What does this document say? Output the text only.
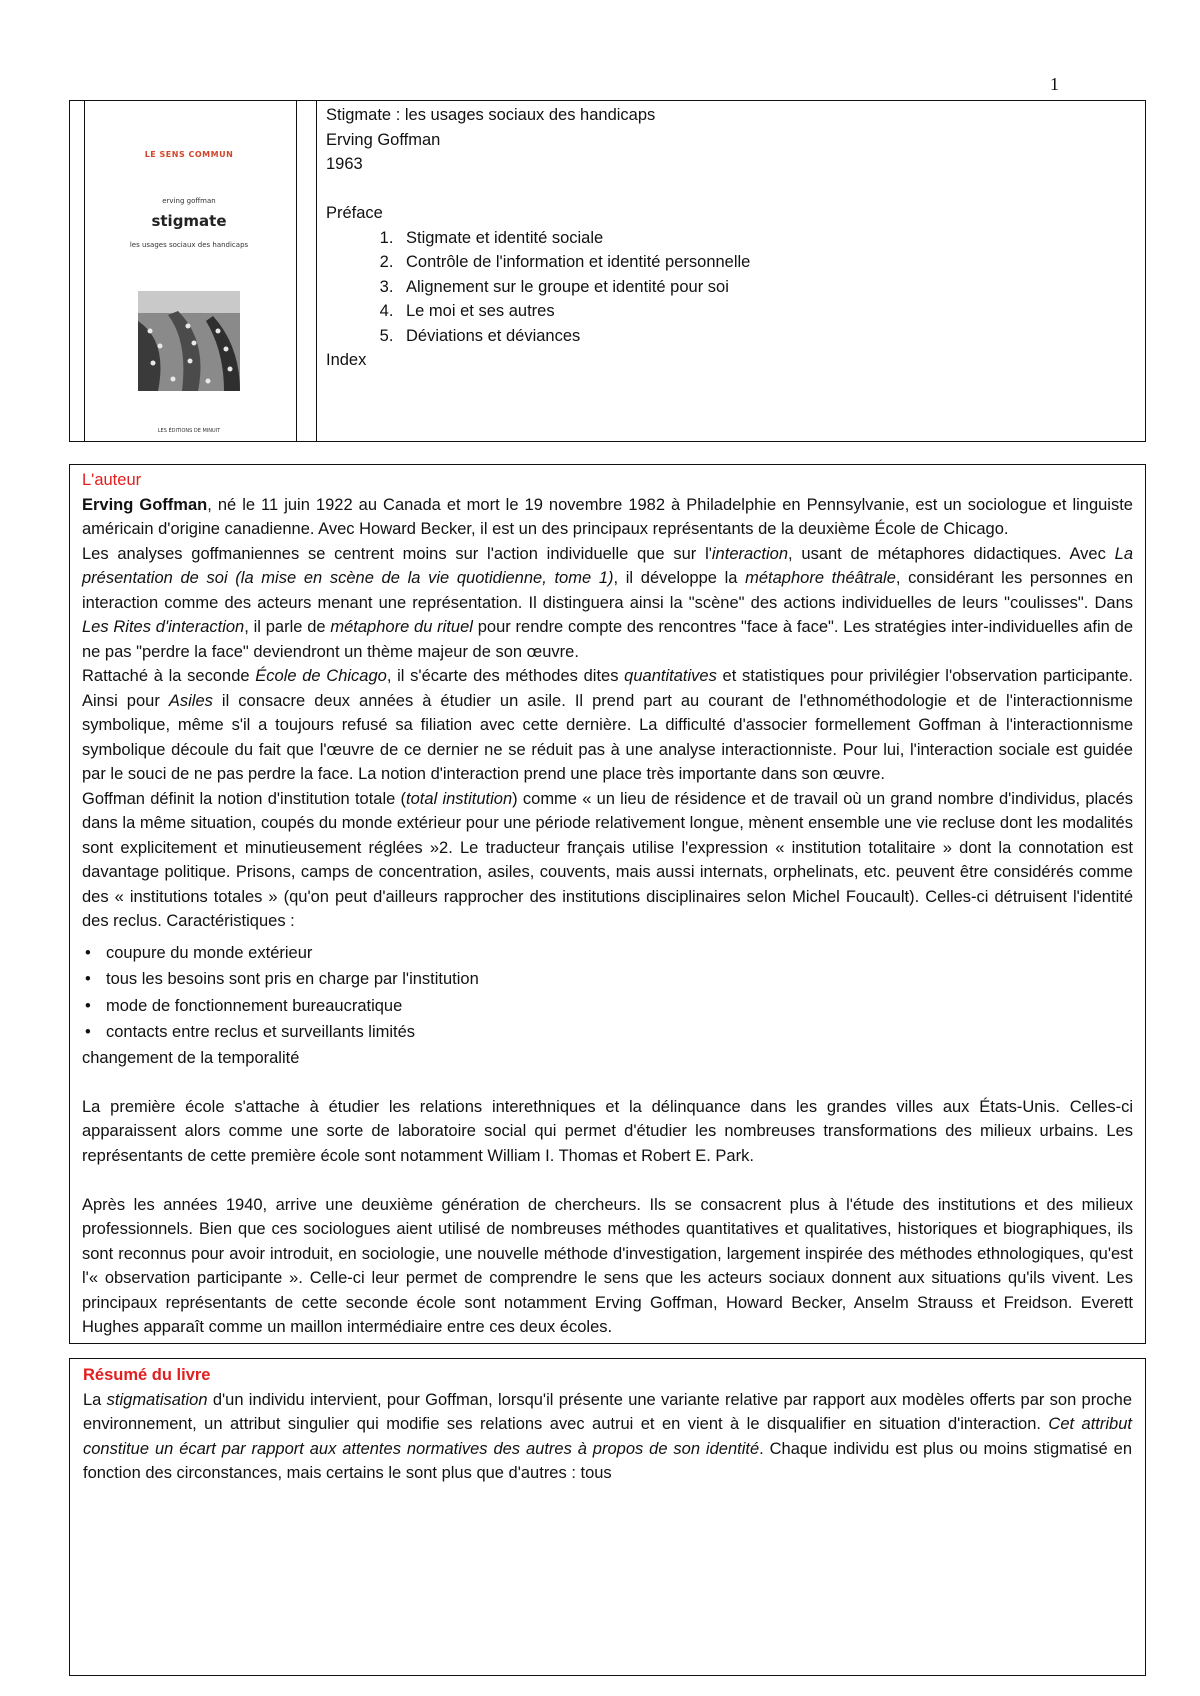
1
LE SENS COMMUN
erving goffman
stigmate
les usages sociaux des handicaps
LES ÉDITIONS DE MINUIT
Stigmate : les usages sociaux des handicaps
Erving Goffman
1963
Préface
1. Stigmate et identité sociale
2. Contrôle de l'information et identité personnelle
3. Alignement sur le groupe et identité pour soi
4. Le moi et ses autres
5. Déviations et déviances
Index
L'auteur

Erving Goffman, né le 11 juin 1922 au Canada et mort le 19 novembre 1982 à Philadelphie en Pennsylvanie, est un sociologue et linguiste américain d'origine canadienne. Avec Howard Becker, il est un des principaux représentants de la deuxième École de Chicago.

Les analyses goffmaniennes se centrent moins sur l'action individuelle que sur l'interaction, usant de métaphores didactiques. Avec La présentation de soi (la mise en scène de la vie quotidienne, tome 1), il développe la métaphore théâtrale, considérant les personnes en interaction comme des acteurs menant une représentation. Il distinguera ainsi la "scène" des actions individuelles de leurs "coulisses". Dans Les Rites d'interaction, il parle de métaphore du rituel pour rendre compte des rencontres "face à face". Les stratégies inter-individuelles afin de ne pas "perdre la face" deviendront un thème majeur de son œuvre.

Rattaché à la seconde École de Chicago, il s'écarte des méthodes dites quantitatives et statistiques pour privilégier l'observation participante. Ainsi pour Asiles il consacre deux années à étudier un asile. Il prend part au courant de l'ethnométhodologie et de l'interactionnisme symbolique, même s'il a toujours refusé sa filiation avec cette dernière. La difficulté d'associer formellement Goffman à l'interactionnisme symbolique découle du fait que l'œuvre de ce dernier ne se réduit pas à une analyse interactionniste. Pour lui, l'interaction sociale est guidée par le souci de ne pas perdre la face. La notion d'interaction prend une place très importante dans son œuvre.

Goffman définit la notion d'institution totale (total institution) comme « un lieu de résidence et de travail où un grand nombre d'individus, placés dans la même situation, coupés du monde extérieur pour une période relativement longue, mènent ensemble une vie recluse dont les modalités sont explicitement et minutieusement réglées »2. Le traducteur français utilise l'expression « institution totalitaire » dont la connotation est davantage politique. Prisons, camps de concentration, asiles, couvents, mais aussi internats, orphelinats, etc. peuvent être considérés comme des « institutions totales » (qu'on peut d'ailleurs rapprocher des institutions disciplinaires selon Michel Foucault). Celles-ci détruisent l'identité des reclus. Caractéristiques :

• coupure du monde extérieur
• tous les besoins sont pris en charge par l'institution
• mode de fonctionnement bureaucratique
• contacts entre reclus et surveillants limités

changement de la temporalité

La première école s'attache à étudier les relations interethniques et la délinquance dans les grandes villes aux États-Unis. Celles-ci apparaissent alors comme une sorte de laboratoire social qui permet d'étudier les nombreuses transformations des milieux urbains. Les représentants de cette première école sont notamment William I. Thomas et Robert E. Park.

Après les années 1940, arrive une deuxième génération de chercheurs. Ils se consacrent plus à l'étude des institutions et des milieux professionnels. Bien que ces sociologues aient utilisé de nombreuses méthodes quantitatives et qualitatives, historiques et biographiques, ils sont reconnus pour avoir introduit, en sociologie, une nouvelle méthode d'investigation, largement inspirée des méthodes ethnologiques, qu'est l'« observation participante ». Celle-ci leur permet de comprendre le sens que les acteurs sociaux donnent aux situations qu'ils vivent. Les principaux représentants de cette seconde école sont notamment Erving Goffman, Howard Becker, Anselm Strauss et Freidson. Everett Hughes apparaît comme un maillon intermédiaire entre ces deux écoles.

Résumé du livre

La stigmatisation d'un individu intervient, pour Goffman, lorsqu'il présente une variante relative par rapport aux modèles offerts par son proche environnement, un attribut singulier qui modifie ses relations avec autrui et en vient à le disqualifier en situation d'interaction. Cet attribut constitue un écart par rapport aux attentes normatives des autres à propos de son identité. Chaque individu est plus ou moins stigmatisé en fonction des circonstances, mais certains le sont plus que d'autres : tous
